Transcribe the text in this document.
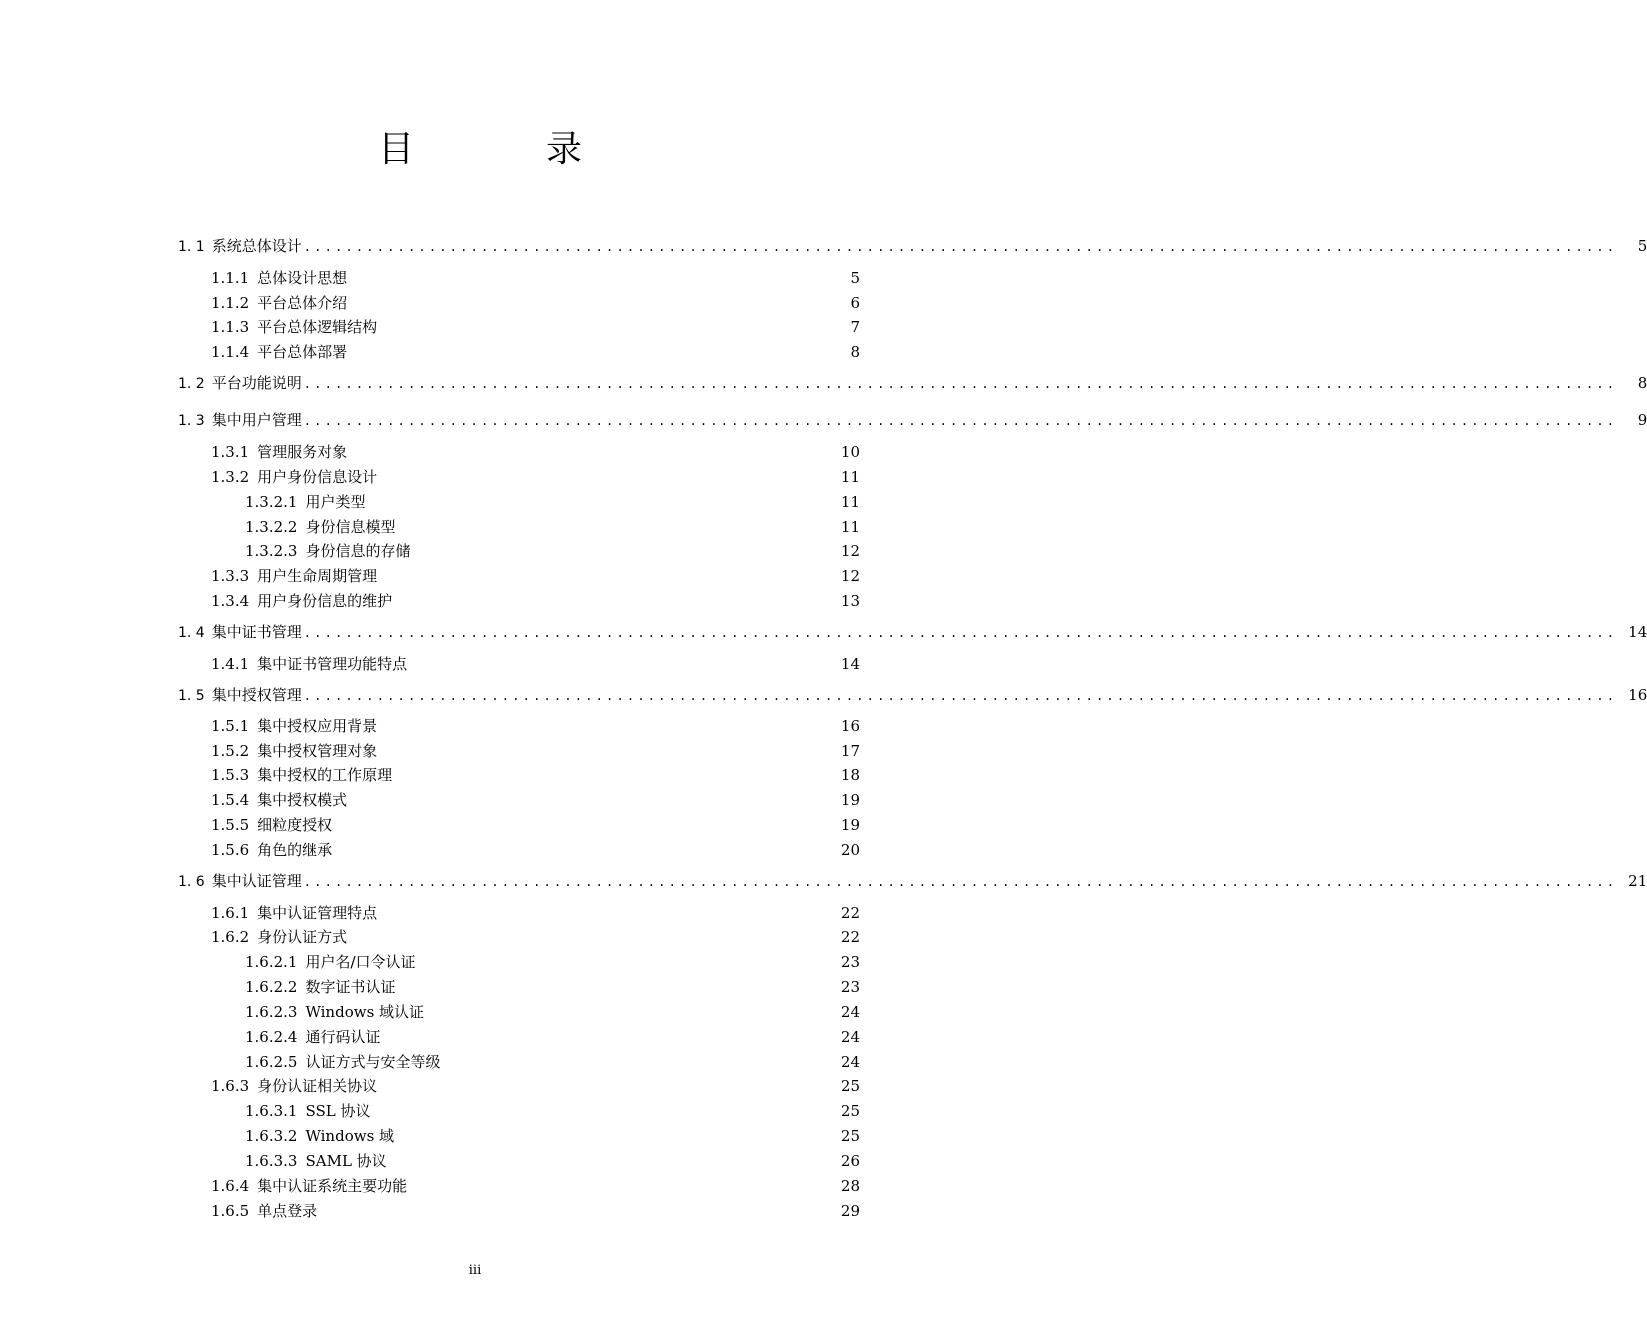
目　录
1. 1 系统总体设计 ..............................................................................................................................	5
1.1.1 总体设计思想	5
1.1.2 平台总体介绍	6
1.1.3 平台总体逻辑结构	7
1.1.4 平台总体部署	8
1. 2 平台功能说明 ..............................................................................................................................	8
1. 3 集中用户管理 ..............................................................................................................................	9
1.3.1 管理服务对象	10
1.3.2 用户身份信息设计	11
1.3.2.1 用户类型	11
1.3.2.2 身份信息模型	11
1.3.2.3 身份信息的存储	12
1.3.3 用户生命周期管理	12
1.3.4 用户身份信息的维护	13
1. 4 集中证书管理 .............................................................................................................................. 14
1.4.1 集中证书管理功能特点	14
1. 5 集中授权管理 .............................................................................................................................. 16
1.5.1 集中授权应用背景	16
1.5.2 集中授权管理对象	17
1.5.3 集中授权的工作原理	18
1.5.4 集中授权模式	19
1.5.5 细粒度授权	19
1.5.6 角色的继承	20
1. 6 集中认证管理 .............................................................................................................................. 21
1.6.1 集中认证管理特点	22
1.6.2 身份认证方式	22
1.6.2.1 用户名/口令认证	23
1.6.2.2 数字证书认证	23
1.6.2.3 Windows 域认证	24
1.6.2.4 通行码认证	24
1.6.2.5 认证方式与安全等级	24
1.6.3 身份认证相关协议	25
1.6.3.1 SSL 协议	25
1.6.3.2 Windows 域	25
1.6.3.3 SAML 协议	26
1.6.4 集中认证系统主要功能	28
1.6.5 单点登录	29
iii
